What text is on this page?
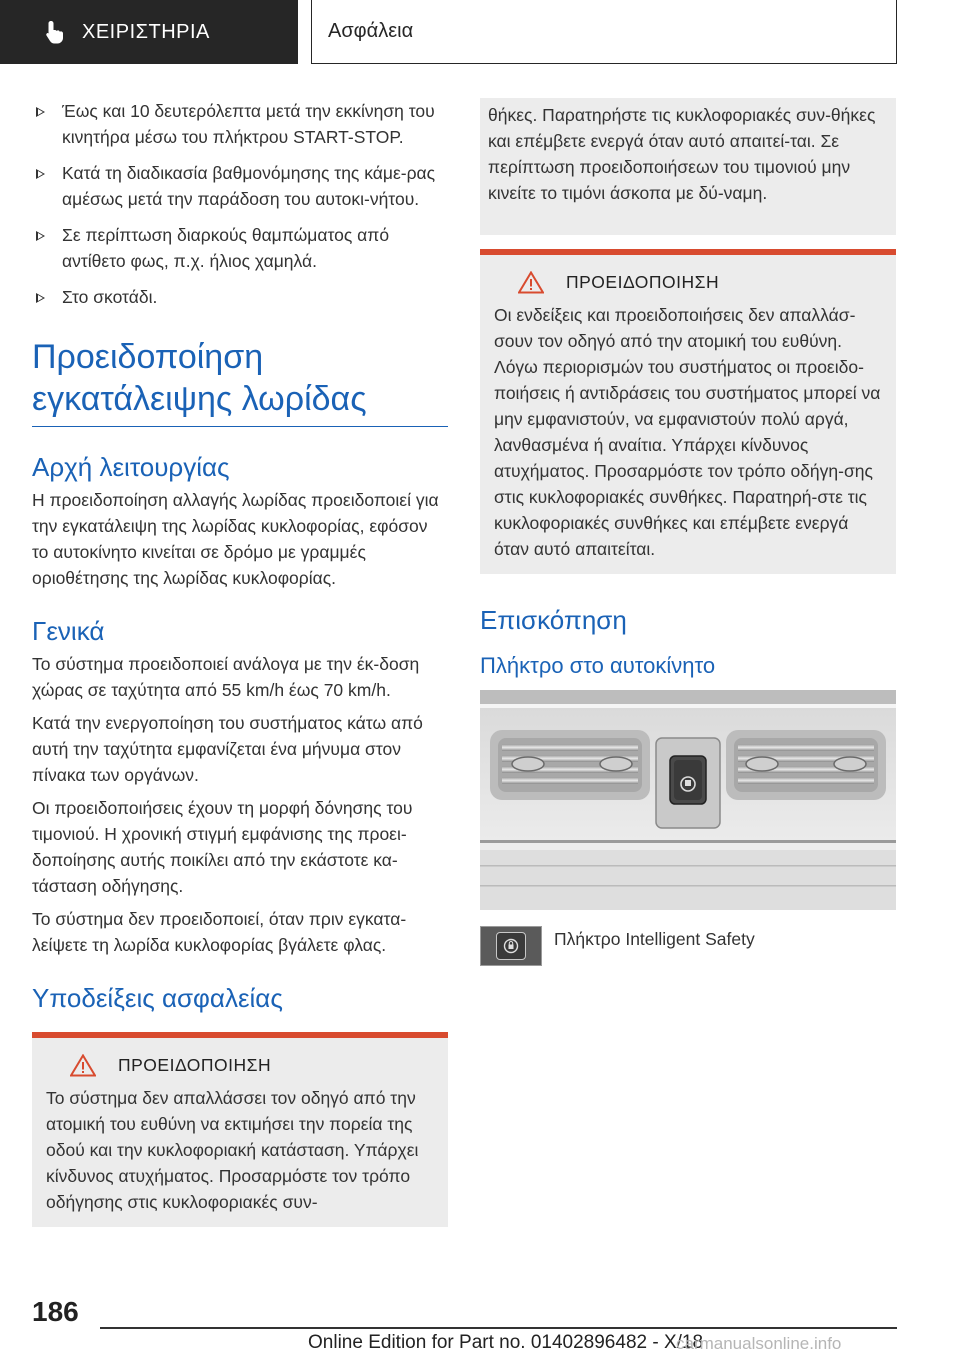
ΧΕΙΡΙΣΤΗΡΙΑ	Ασφάλεια
Έως και 10 δευτερόλεπτα μετά την εκκίνηση του κινητήρα μέσω του πλήκτρου START-STOP.
Κατά τη διαδικασία βαθμονόμησης της κάμε-ρας αμέσως μετά την παράδοση του αυτοκι-νήτου.
Σε περίπτωση διαρκούς θαμπώματος από αντίθετο φως, π.χ. ήλιος χαμηλά.
Στο σκοτάδι.
Προειδοποίηση εγκατάλειψης λωρίδας
Αρχή λειτουργίας
Η προειδοποίηση αλλαγής λωρίδας προειδοποιεί για την εγκατάλειψη της λωρίδας κυκλοφορίας, εφόσον το αυτοκίνητο κινείται σε δρόμο με γραμμές οριοθέτησης της λωρίδας κυκλοφορίας.
Γενικά
Το σύστημα προειδοποιεί ανάλογα με την έκ-δοση χώρας σε ταχύτητα από 55 km/h έως 70 km/h.
Κατά την ενεργοποίηση του συστήματος κάτω από αυτή την ταχύτητα εμφανίζεται ένα μήνυμα στον πίνακα των οργάνων.
Οι προειδοποιήσεις έχουν τη μορφή δόνησης του τιμονιού. Η χρονική στιγμή εμφάνισης της προει-δοποίησης αυτής ποικίλει από την εκάστοτε κα-τάσταση οδήγησης.
Το σύστημα δεν προειδοποιεί, όταν πριν εγκατα-λείψετε τη λωρίδα κυκλοφορίας βγάλετε φλας.
Υποδείξεις ασφαλείας
ΠΡΟΕΙΔΟΠΟΙΗΣΗ
Το σύστημα δεν απαλλάσσει τον οδηγό από την ατομική του ευθύνη να εκτιμήσει την πορεία της οδού και την κυκλοφοριακή κατάσταση. Υπάρχει κίνδυνος ατυχήματος. Προσαρμόστε τον τρόπο οδήγησης στις κυκλοφοριακές συν-
θήκες. Παρατηρήστε τις κυκλοφοριακές συν-θήκες και επέμβετε ενεργά όταν αυτό απαιτεί-ται. Σε περίπτωση προειδοποιήσεων του τιμονιού μην κινείτε το τιμόνι άσκοπα με δύ-ναμη.
ΠΡΟΕΙΔΟΠΟΙΗΣΗ
Οι ενδείξεις και προειδοποιήσεις δεν απαλλάσ-σουν τον οδηγό από την ατομική του ευθύνη. Λόγω περιορισμών του συστήματος οι προειδο-ποιήσεις ή αντιδράσεις του συστήματος μπορεί να μην εμφανιστούν, να εμφανιστούν πολύ αργά, λανθασμένα ή αναίτια. Υπάρχει κίνδυνος ατυχήματος. Προσαρμόστε τον τρόπο οδήγη-σης στις κυκλοφοριακές συνθήκες. Παρατηρή-στε τις κυκλοφοριακές συνθήκες και επέμβετε ενεργά όταν αυτό απαιτείται.
Επισκόπηση
Πλήκτρο στο αυτοκίνητο
Πλήκτρο Intelligent Safety
186
Online Edition for Part no. 01402896482 - X/18
carmanualsonline.info
